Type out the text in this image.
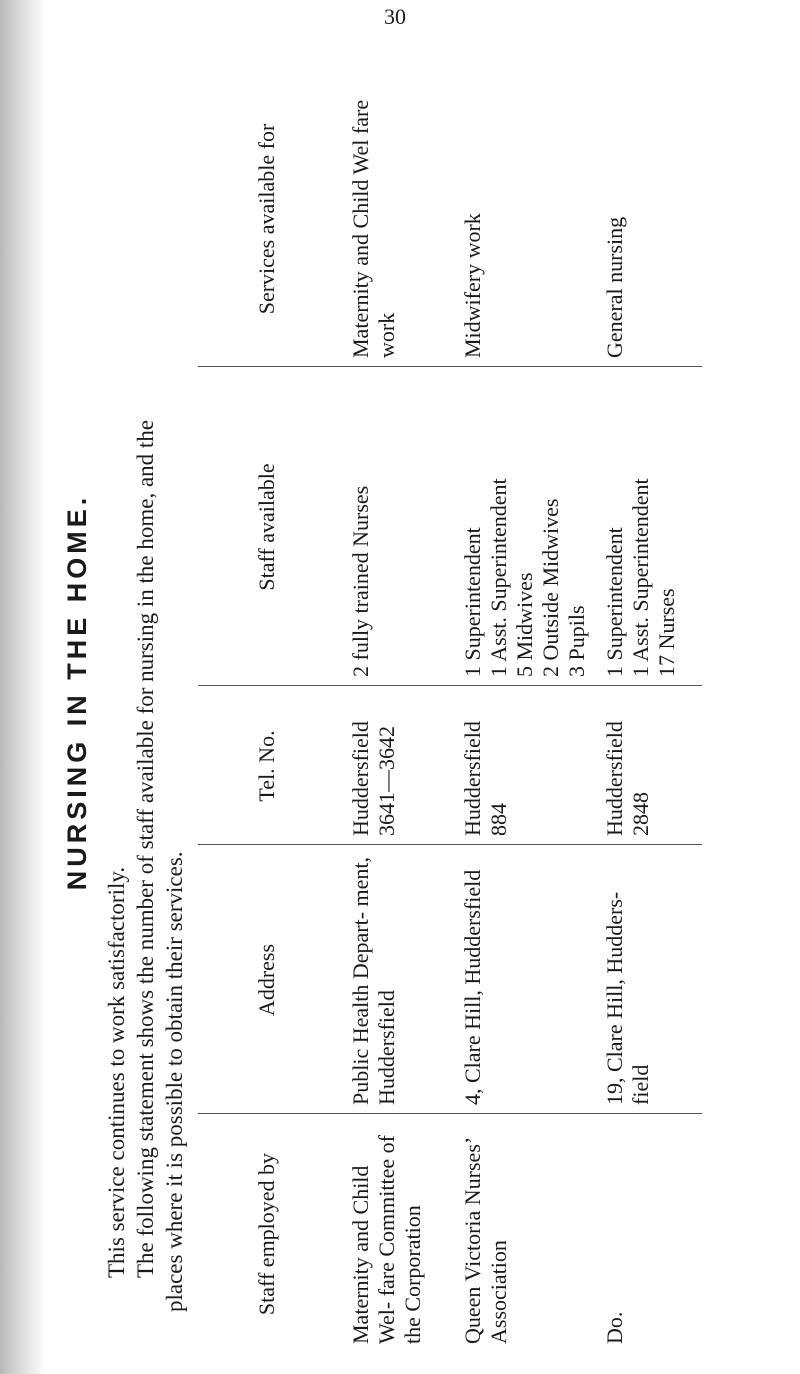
30
NURSING IN THE HOME.

This service continues to work satisfactorily. The following statement shows the number of staff available for nursing in the home, and the places where it is possible to obtain their services.	Staff employed by	Address	Tel. No.	Staff available	Services available for
Maternity and Child Wel- fare Committee of the Corporation	Public Health Depart- ment, Huddersfield	Huddersfield 3641—3642	2 fully trained Nurses	Maternity and Child Wel fare work
Queen Victoria Nurses’ Association	4, Clare Hill, Huddersfield	Huddersfield 884	1 Superintendent 1 Asst. Superintendent 5 Midwives 2 Outside Midwives 3 Pupils	Midwifery work
Do.	19, Clare Hill, Hudders- field	Huddersfield 2848	1 Superintendent 1 Asst. Superintendent 17 Nurses	General nursing
